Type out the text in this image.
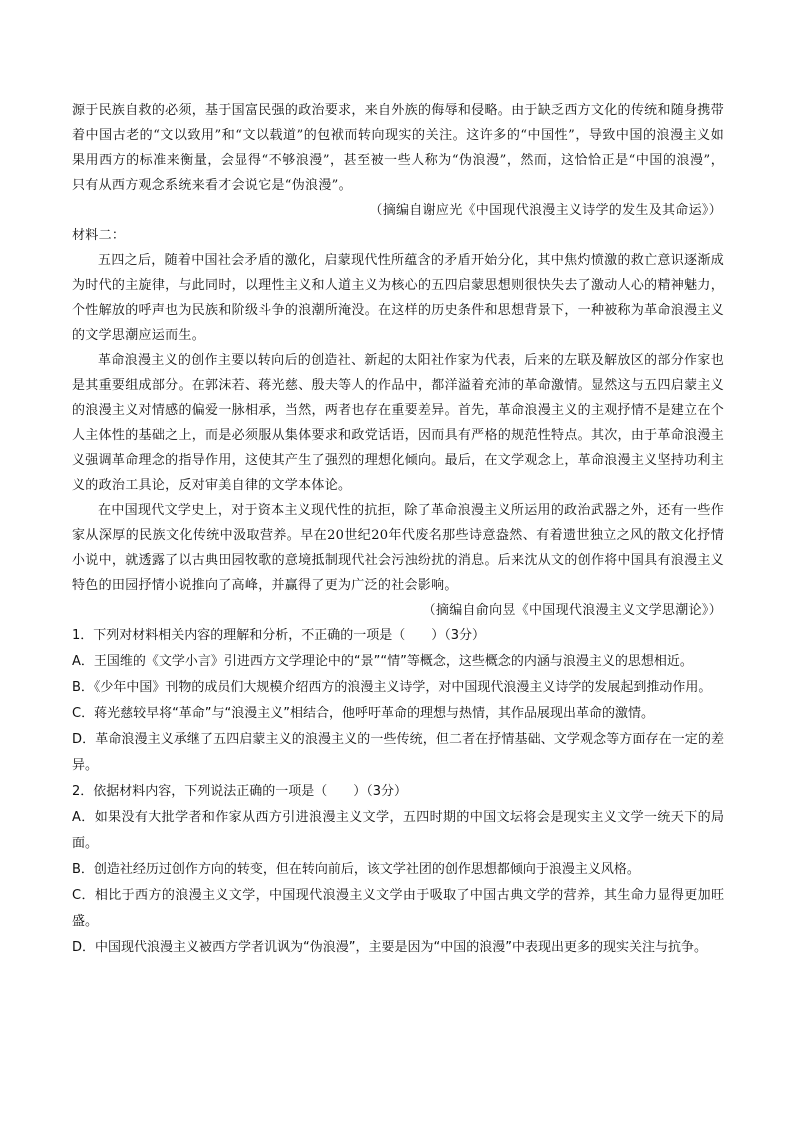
源于民族自救的必须，基于国富民强的政治要求，来自外族的侮辱和侵略。由于缺乏西方文化的传统和随身携带着中国古老的“文以致用”和“文以载道”的包袱而转向现实的关注。这许多的“中国性”，导致中国的浪漫主义如果用西方的标准来衡量，会显得“不够浪漫”，甚至被一些人称为“伪浪漫”，然而，这恰恰正是“中国的浪漫”，只有从西方观念系统来看才会说它是“伪浪漫”。

（摘编自谢应光《中国现代浪漫主义诗学的发生及其命运》）

材料二：

五四之后，随着中国社会矛盾的激化，启蒙现代性所蕴含的矛盾开始分化，其中焦灼愤激的救亡意识逐渐成为时代的主旋律，与此同时，以理性主义和人道主义为核心的五四启蒙思想则很快失去了激动人心的精神魅力，个性解放的呼声也为民族和阶级斗争的浪潮所淹没。在这样的历史条件和思想背景下，一种被称为革命浪漫主义的文学思潮应运而生。

革命浪漫主义的创作主要以转向后的创造社、新起的太阳社作家为代表，后来的左联及解放区的部分作家也是其重要组成部分。在郭沫若、蒋光慈、殷夫等人的作品中，都洋溢着充沛的革命激情。显然这与五四启蒙主义的浪漫主义对情感的偏爱一脉相承，当然，两者也存在重要差异。首先，革命浪漫主义的主观抒情不是建立在个人主体性的基础之上，而是必须服从集体要求和政党话语，因而具有严格的规范性特点。其次，由于革命浪漫主义强调革命理念的指导作用，这使其产生了强烈的理想化倾向。最后，在文学观念上，革命浪漫主义坚持功利主义的政治工具论，反对审美自律的文学本体论。

在中国现代文学史上，对于资本主义现代性的抗拒，除了革命浪漫主义所运用的政治武器之外，还有一些作家从深厚的民族文化传统中汲取营养。早在20世纪20年代废名那些诗意盎然、有着遗世独立之风的散文化抒情小说中，就透露了以古典田园牧歌的意境抵制现代社会污浊纷扰的消息。后来沈从文的创作将中国具有浪漫主义特色的田园抒情小说推向了高峰，并赢得了更为广泛的社会影响。

（摘编自俞向昱《中国现代浪漫主义文学思潮论》）

1．下列对材料相关内容的理解和分析，不正确的一项是（　　）（3分）

A．王国维的《文学小言》引进西方文学理论中的“景”“情”等概念，这些概念的内涵与浪漫主义的思想相近。

B．《少年中国》刊物的成员们大规模介绍西方的浪漫主义诗学，对中国现代浪漫主义诗学的发展起到推动作用。

C．蒋光慈较早将“革命”与“浪漫主义”相结合，他呼吁革命的理想与热情，其作品展现出革命的激情。

D．革命浪漫主义承继了五四启蒙主义的浪漫主义的一些传统，但二者在抒情基础、文学观念等方面存在一定的差异。

2．依据材料内容，下列说法正确的一项是（　　）（3分）

A．如果没有大批学者和作家从西方引进浪漫主义文学，五四时期的中国文坛将会是现实主义文学一统天下的局面。

B．创造社经历过创作方向的转变，但在转向前后，该文学社团的创作思想都倾向于浪漫主义风格。

C．相比于西方的浪漫主义文学，中国现代浪漫主义文学由于吸取了中国古典文学的营养，其生命力显得更加旺盛。

D．中国现代浪漫主义被西方学者讥讽为“伪浪漫”，主要是因为“中国的浪漫”中表现出更多的现实关注与抗争。
